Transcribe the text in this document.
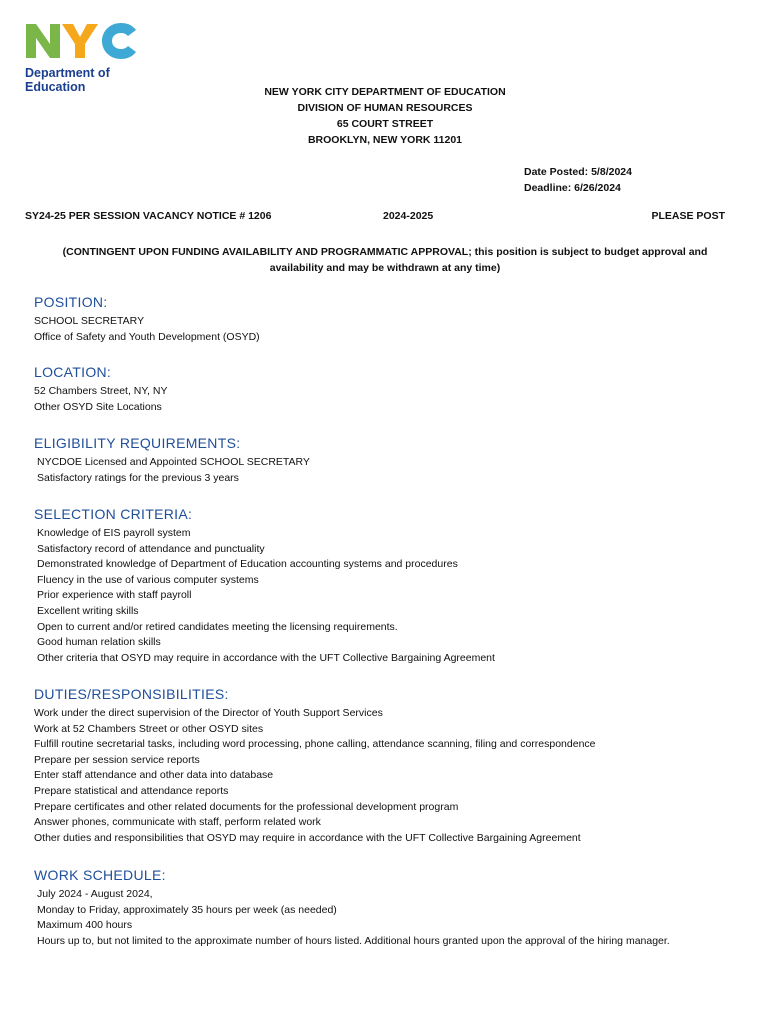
Department of
Education	NEW YORK CITY DEPARTMENT OF EDUCATION
DIVISION OF HUMAN RESOURCES
65 COURT STREET
BROOKLYN, NEW YORK 11201
Date Posted: 5/8/2024
Deadline: 6/26/2024
SY24-25 PER SESSION VACANCY NOTICE # 1206	2024-2025	PLEASE POST
(CONTINGENT UPON FUNDING AVAILABILITY AND PROGRAMMATIC APPROVAL; this position is subject to budget approval and availability and may be withdrawn at any time)
POSITION:
SCHOOL SECRETARY
Office of Safety and Youth Development (OSYD)
LOCATION:
52 Chambers Street, NY, NY
Other OSYD Site Locations
ELIGIBILITY REQUIREMENTS:
NYCDOE Licensed and Appointed SCHOOL SECRETARY
Satisfactory ratings for the previous 3 years
SELECTION CRITERIA:
Knowledge of EIS payroll system
Satisfactory record of attendance and punctuality
Demonstrated knowledge of Department of Education accounting systems and procedures
Fluency in the use of various computer systems
Prior experience with staff payroll
Excellent writing skills
Open to current and/or retired candidates meeting the licensing requirements.
Good human relation skills
Other criteria that OSYD may require in accordance with the UFT Collective Bargaining Agreement
DUTIES/RESPONSIBILITIES:
Work under the direct supervision of the Director of Youth Support Services
Work at 52 Chambers Street or other OSYD sites
Fulfill routine secretarial tasks, including word processing, phone calling, attendance scanning, filing and correspondence
Prepare per session service reports
Enter staff attendance and other data into database
Prepare statistical and attendance reports
Prepare certificates and other related documents for the professional development program
Answer phones, communicate with staff, perform related work
Other duties and responsibilities that OSYD may require in accordance with the UFT Collective Bargaining Agreement
WORK SCHEDULE:
July 2024 - August 2024,
Monday to Friday, approximately 35 hours per week (as needed)
Maximum 400 hours
Hours up to, but not limited to the approximate number of hours listed. Additional hours granted upon the approval of the hiring manager.
